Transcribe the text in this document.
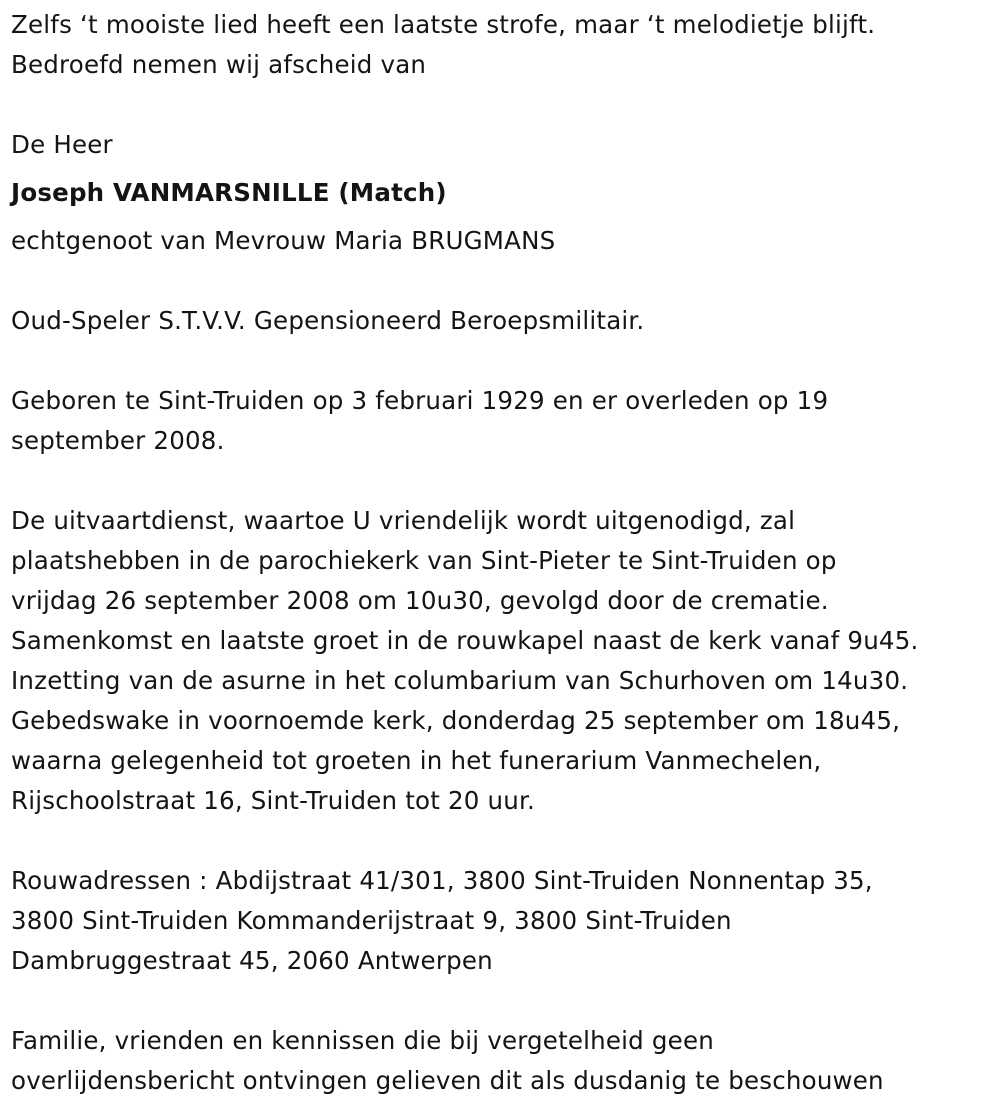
Zelfs ‘t mooiste lied heeft een laatste strofe, maar ‘t melodietje blijft.
Bedroefd nemen wij afscheid van
De Heer
Joseph VANMARSNILLE (Match)
echtgenoot van Mevrouw Maria BRUGMANS
Oud-Speler S.T.V.V. Gepensioneerd Beroepsmilitair.
Geboren te Sint-Truiden op 3 februari 1929 en er overleden op 19
september 2008.
De uitvaartdienst, waartoe U vriendelijk wordt uitgenodigd, zal
plaatshebben in de parochiekerk van Sint-Pieter te Sint-Truiden op
vrijdag 26 september 2008 om 10u30, gevolgd door de crematie.
Samenkomst en laatste groet in de rouwkapel naast de kerk vanaf 9u45.
Inzetting van de asurne in het columbarium van Schurhoven om 14u30.
Gebedswake in voornoemde kerk, donderdag 25 september om 18u45,
waarna gelegenheid tot groeten in het funerarium Vanmechelen,
Rijschoolstraat 16, Sint-Truiden tot 20 uur.
Rouwadressen : Abdijstraat 41/301, 3800 Sint-Truiden Nonnentap 35,
3800 Sint-Truiden Kommanderijstraat 9, 3800 Sint-Truiden
Dambruggestraat 45, 2060 Antwerpen
Familie, vrienden en kennissen die bij vergetelheid geen
overlijdensbericht ontvingen gelieven dit als dusdanig te beschouwen
